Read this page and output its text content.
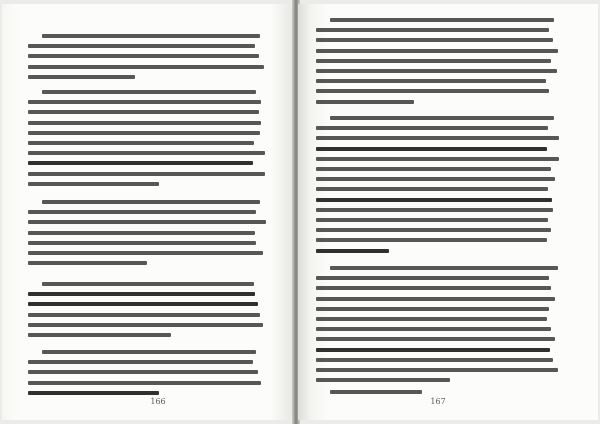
166	167
